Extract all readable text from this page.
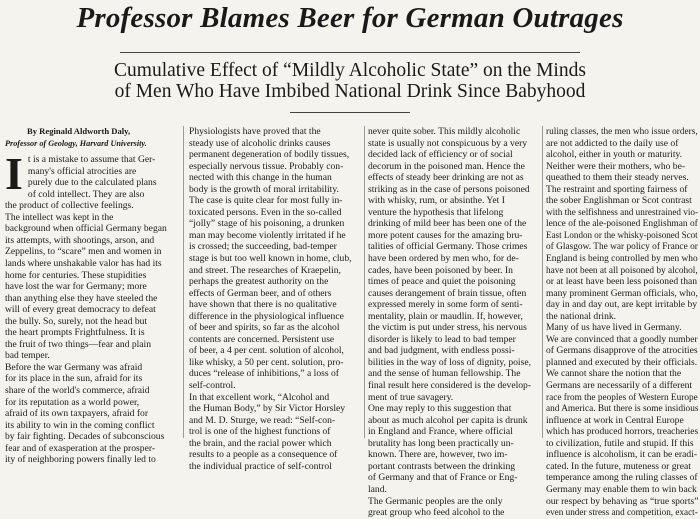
Professor Blames Beer for German Outrages
Cumulative Effect of “Mildly Alcoholic State” on the Minds
of Men Who Have Imbibed National Drink Since Babyhood

By Reginald Aldworth Daly,

Professor of Geology, Harvard University.

I t is a mistake to assume that Ger-

many's official atrocities are

purely due to the calculated plans

of cold intellect. They are also

the product of collective feelings.

The intellect was kept in the

background when official Germany began

its attempts, with shootings, arson, and

Zeppelins, to “scare” men and women in

lands where unshakable valor has had its

home for centuries. These stupidities

have lost the war for Germany; more

than anything else they have steeled the

will of every great democracy to defeat

the bully. So, surely, not the head but

the heart prompts Frightfulness. It is

the fruit of two things—fear and plain

bad temper.

Before the war Germany was afraid

for its place in the sun, afraid for its

share of the world's commerce, afraid

for its reputation as a world power,

afraid of its own taxpayers, afraid for

its ability to win in the coming conflict

by fair fighting. Decades of subconscious

fear and of exasperation at the prosper-

ity of neighboring powers finally led to

Physiologists have proved that the

steady use of alcoholic drinks causes

permanent degeneration of bodily tissues,

especially nervous tissue. Probably con-

nected with this change in the human

body is the growth of moral irritability.

The case is quite clear for most fully in-

toxicated persons. Even in the so-called

“jolly” stage of his poisoning, a drunken

man may become violently irritated if he

is crossed; the succeeding, bad-temper

stage is but too well known in home, club,

and street. The researches of Kraepelin,

perhaps the greatest authority on the

effects of German beer, and of others

have shown that there is no qualitative

difference in the physiological influence

of beer and spirits, so far as the alcohol

contents are concerned. Persistent use

of beer, a 4 per cent. solution of alcohol,

like whisky, a 50 per cent. solution, pro-

duces “release of inhibitions,” a loss of

self-control.

In that excellent work, “Alcohol and

the Human Body,” by Sir Victor Horsley

and M. D. Sturge, we read: “Self-con-

trol is one of the highest functions of

the brain, and the racial power which

results to a people as a consequence of

the individual practice of self-control

never quite sober. This mildly alcoholic

state is usually not conspicuous by a very

decided lack of efficiency or of social

decorum in the poisoned man. Hence the

effects of steady beer drinking are not as

striking as in the case of persons poisoned

with whisky, rum, or absinthe. Yet I

venture the hypothesis that lifelong

drinking of mild beer has been one of the

more potent causes for the amazing bru-

talities of official Germany. Those crimes

have been ordered by men who, for de-

cades, have been poisoned by beer. In

times of peace and quiet the poisoning

causes derangement of brain tissue, often

expressed merely in some form of senti-

mentality, plain or maudlin. If, however,

the victim is put under stress, his nervous

disorder is likely to lead to bad temper

and bad judgment, with endless possi-

bilities in the way of loss of dignity, poise,

and the sense of human fellowship. The

final result here considered is the develop-

ment of true savagery.

One may reply to this suggestion that

about as much alcohol per capita is drunk

in England and France, where official

brutality has long been practically un-

known. There are, however, two im-

portant contrasts between the drinking

of Germany and that of France or Eng-

land.

The Germanic peoples are the only

great group who feed alcohol to the

ruling classes, the men who issue orders,

are not addicted to the daily use of

alcohol, either in youth or maturity.

Neither were their mothers, who be-

queathed to them their steady nerves.

The restraint and sporting fairness of

the sober Englishman or Scot contrast

with the selfishness and unrestrained vio-

lence of the ale-poisoned Englishman of

East London or the whisky-poisoned Scot

of Glasgow. The war policy of France or

England is being controlled by men who

have not been at all poisoned by alcohol,

or at least have been less poisoned than

many prominent German officials, who,

day in and day out, are kept irritable by

the national drink.

Many of us have lived in Germany.

We are convinced that a goodly number

of Germans disapprove of the atrocities

planned and executed by their officials.

We cannot share the notion that the

Germans are necessarily of a different

race from the peoples of Western Europe

and America. But there is some insidious

influence at work in Central Europe

which has produced horrors, treacheries

to civilization, futile and stupid. If this

influence is alcoholism, it can be eradi-

cated. In the future, muteness or great

temperance among the ruling classes of

Germany may enable them to win back

our respect by behaving as “true sports”

even under stress and competition, exact-
